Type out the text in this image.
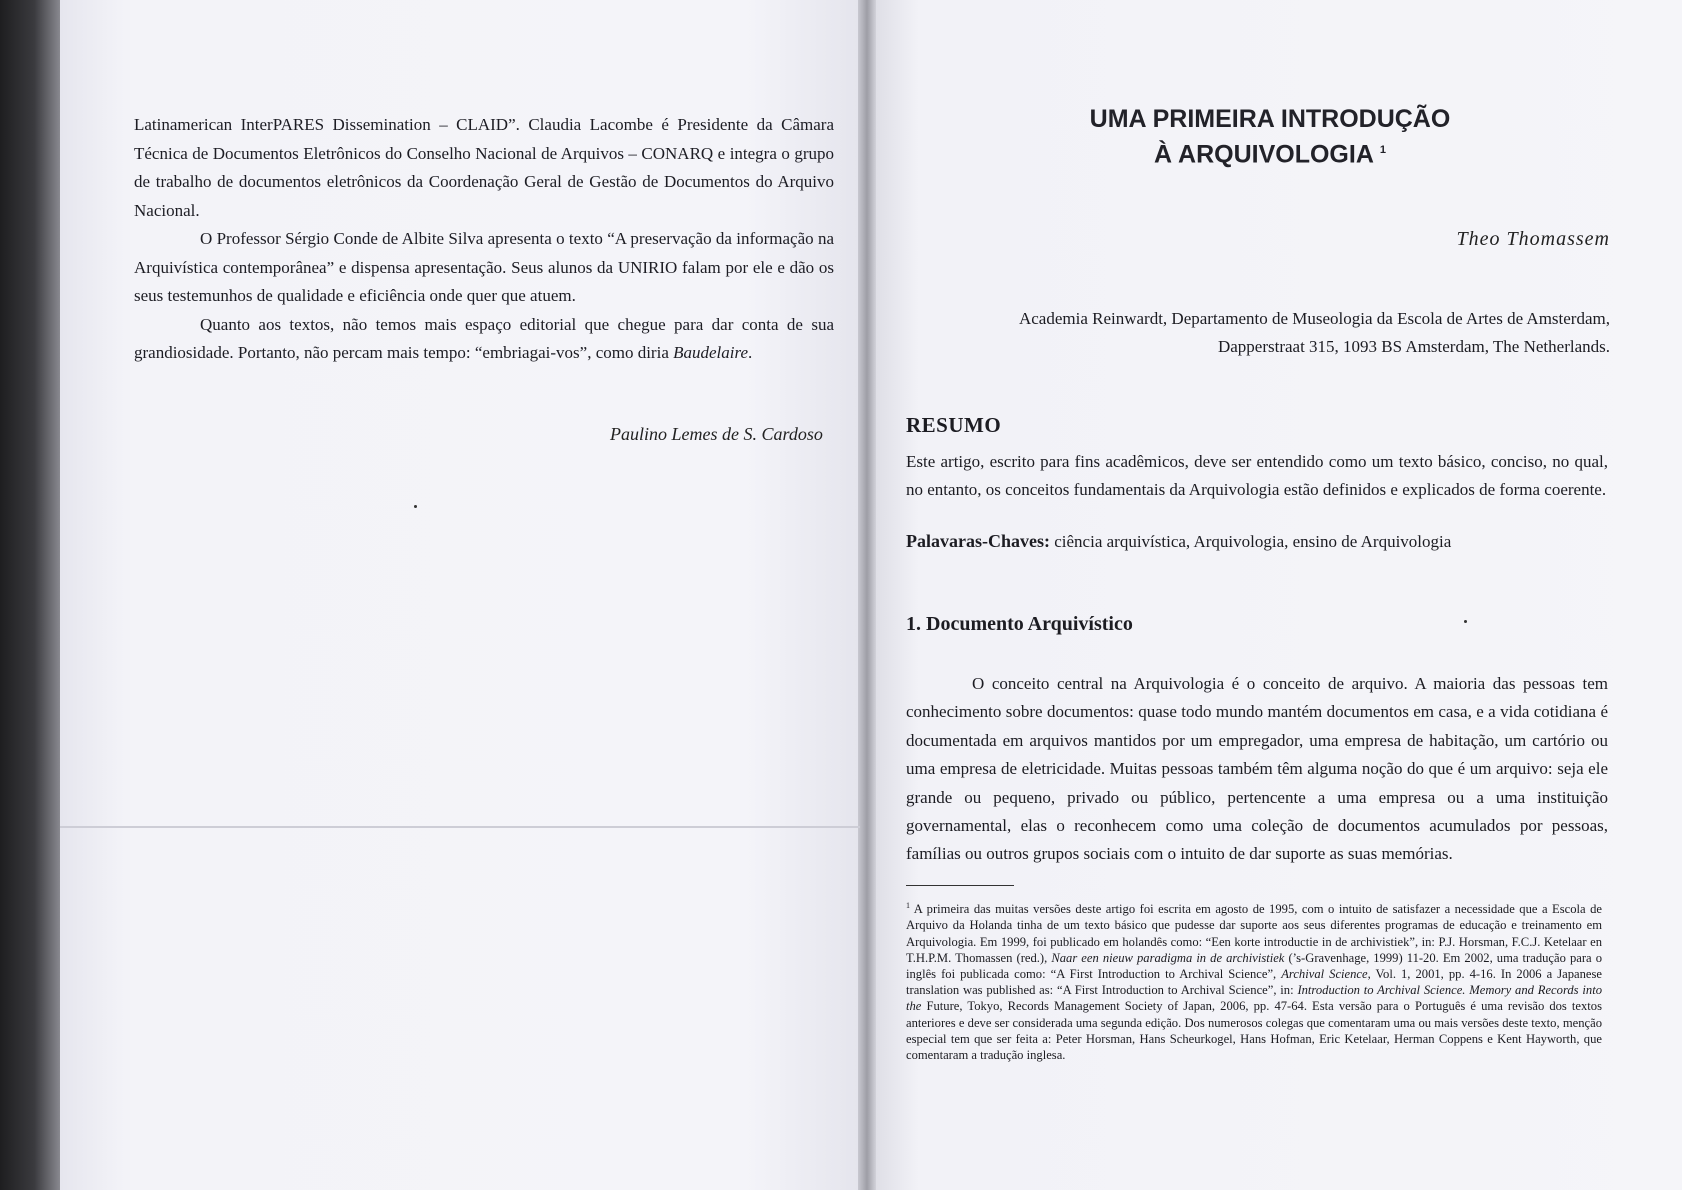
Latinamerican InterPARES Dissemination – CLAID”. Claudia Lacombe é Presidente da Câmara Técnica de Documentos Eletrônicos do Conselho Nacional de Arquivos – CONARQ e integra o grupo de trabalho de documentos eletrônicos da Coordenação Geral de Gestão de Documentos do Arquivo Nacional.

O Professor Sérgio Conde de Albite Silva apresenta o texto “A preservação da informação na Arquivística contemporânea” e dispensa apresentação. Seus alunos da UNIRIO falam por ele e dão os seus testemunhos de qualidade e eficiência onde quer que atuem.

Quanto aos textos, não temos mais espaço editorial que chegue para dar conta de sua grandiosidade. Portanto, não percam mais tempo: “embriagai-vos”, como diria Baudelaire.

Paulino Lemes de S. Cardoso
UMA PRIMEIRA INTRODUÇÃO
À ARQUIVOLOGIA $^1$
Theo Thomassem
Academia Reinwardt, Departamento de Museologia da Escola de Artes de Amsterdam,
Dapperstraat 315, 1093 BS Amsterdam, The Netherlands.
RESUMO
Este artigo, escrito para fins acadêmicos, deve ser entendido como um texto básico, conciso, no qual, no entanto, os conceitos fundamentais da Arquivologia estão definidos e explicados de forma coerente.
Palavaras-Chaves: ciência arquivística, Arquivologia, ensino de Arquivologia
1. Documento Arquivístico

O conceito central na Arquivologia é o conceito de arquivo. A maioria das pessoas tem conhecimento sobre documentos: quase todo mundo mantém documentos em casa, e a vida cotidiana é documentada em arquivos mantidos por um empregador, uma empresa de habitação, um cartório ou uma empresa de eletricidade. Muitas pessoas também têm alguma noção do que é um arquivo: seja ele grande ou pequeno, privado ou público, pertencente a uma empresa ou a uma instituição governamental, elas o reconhecem como uma coleção de documentos acumulados por pessoas, famílias ou outros grupos sociais com o intuito de dar suporte as suas memórias.

$^1$ A primeira das muitas versões deste artigo foi escrita em agosto de 1995, com o intuito de satisfazer a necessidade que a Escola de Arquivo da Holanda tinha de um texto básico que pudesse dar suporte aos seus diferentes programas de educação e treinamento em Arquivologia. Em 1999, foi publicado em holandês como: “Een korte introductie in de archivistiek”, in: P.J. Horsman, F.C.J. Ketelaar en T.H.P.M. Thomassen (red.), Naar een nieuw paradigma in de archivistiek (’s-Gravenhage, 1999) 11-20. Em 2002, uma tradução para o inglês foi publicada como: “A First Introduction to Archival Science”, Archival Science, Vol. 1, 2001, pp. 4-16. In 2006 a Japanese translation was published as: “A First Introduction to Archival Science”, in: Introduction to Archival Science. Memory and Records into the Future, Tokyo, Records Management Society of Japan, 2006, pp. 47-64. Esta versão para o Português é uma revisão dos textos anteriores e deve ser considerada uma segunda edição. Dos numerosos colegas que comentaram uma ou mais versões deste texto, menção especial tem que ser feita a: Peter Horsman, Hans Scheurkogel, Hans Hofman, Eric Ketelaar, Herman Coppens e Kent Hayworth, que comentaram a tradução inglesa.
